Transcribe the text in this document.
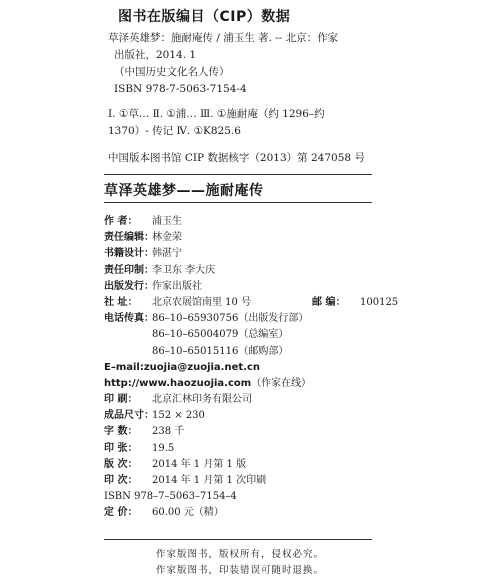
图书在版编目（CIP）数据
草泽英雄梦：施耐庵传 / 浦玉生 著. -- 北京：作家
出版社，2014. 1
（中国历史文化名人传）
ISBN 978-7-5063-7154-4
Ⅰ. ①草… Ⅱ. ①浦… Ⅲ. ①施耐庵（约 1296–约
1370）- 传记 Ⅳ. ①K825.6
中国版本图书馆 CIP 数据核字（2013）第 247058 号
草泽英雄梦——施耐庵传
作 者： 浦玉生
责任编辑：林金荣
书籍设计：韩湛宁
责任印制：李卫东 李大庆
出版发行：作家出版社
社 址： 北京农展馆南里 10 号	邮 编： 100125
电话传真：86–10–65930756（出版发行部）
86–10–65004079（总编室）
86–10–65015116（邮购部）
E–mail:zuojia@zuojia.net.cn
http://www.haozuojia.com（作家在线）
印 刷： 北京汇林印务有限公司
成品尺寸：152 × 230
字 数： 238 千
印 张： 19.5
版 次： 2014 年 1 月第 1 版
印 次： 2014 年 1 月第 1 次印刷
ISBN 978–7–5063–7154–4
定 价： 60.00 元（精）
作家版图书，版权所有，侵权必究。
作家版图书，印装错误可随时退换。
